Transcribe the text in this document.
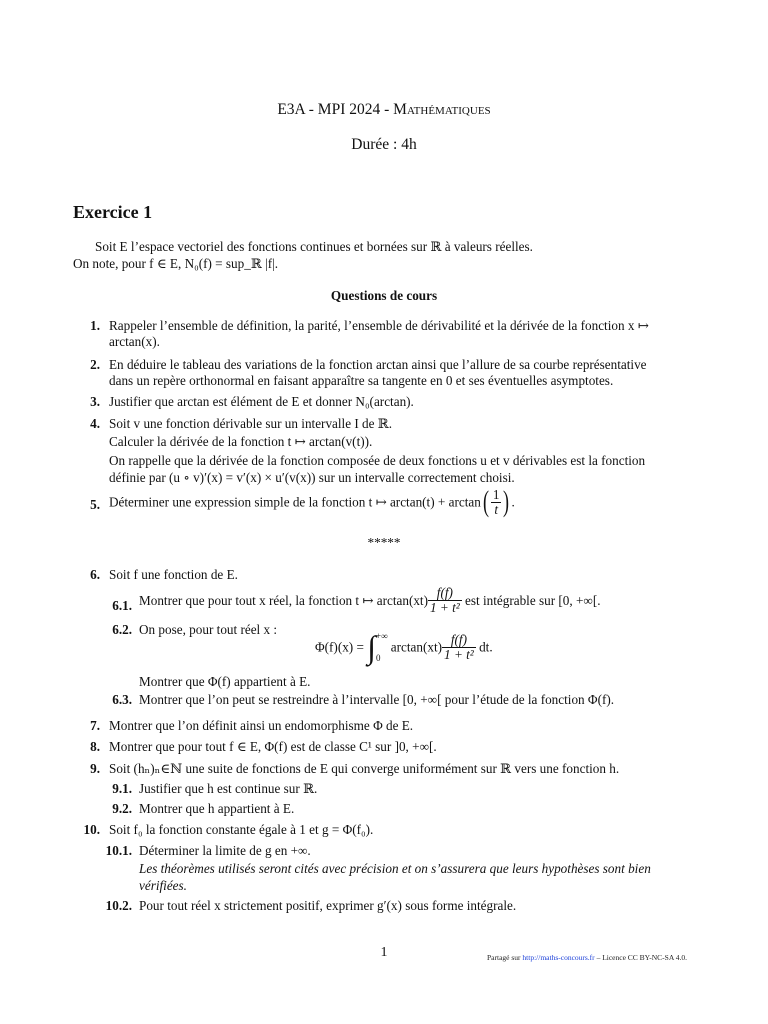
E3A - MPI 2024 - Mathématiques
Durée : 4h
Exercice 1
Soit E l’espace vectoriel des fonctions continues et bornées sur ℝ à valeurs réelles.
On note, pour f ∈ E, N₀(f) = sup_ℝ |f|.
Questions de cours
1. Rappeler l’ensemble de définition, la parité, l’ensemble de dérivabilité et la dérivée de la fonction x ↦
arctan(x).
2. En déduire le tableau des variations de la fonction arctan ainsi que l’allure de sa courbe représentative
dans un repère orthonormal en faisant apparaître sa tangente en 0 et ses éventuelles asymptotes.
3. Justifier que arctan est élément de E et donner N₀(arctan).
4. Soit v une fonction dérivable sur un intervalle I de ℝ.
Calculer la dérivée de la fonction t ↦ arctan(v(t)).
On rappelle que la dérivée de la fonction composée de deux fonctions u et v dérivables est la fonction
définie par (u ∘ v)′(x) = v′(x) × u′(v(x)) sur un intervalle correctement choisi.
5. Déterminer une expression simple de la fonction t ↦ $\arctan(t) + \arctan( \frac{1}{t}$ ) .
*****
6. Soit f une fonction de E.
6.1. Montrer que pour tout x réel, la fonction t ↦ $\arctan(xt) \frac{f(f)}{\text{1 + t²}}$ est intégrable sur [0, +∞[.
6.2. On pose, pour tout réel x :
Φ(f)(x) = ∫ +∞
0
$\arctan(xt) \frac{f(f)}{\text{1 + t²}}$ dt.
Montrer que Φ(f) appartient à E.
6.3. Montrer que l’on peut se restreindre à l’intervalle [0, +∞[ pour l’étude de la fonction Φ(f).
7. Montrer que l’on définit ainsi un endomorphisme Φ de E.
8. Montrer que pour tout f ∈ E, Φ(f) est de classe C¹ sur ]0, +∞[.
9. Soit (hₙ)ₙ∈ℕ une suite de fonctions de E qui converge uniformément sur ℝ vers une fonction h.
9.1. Justifier que h est continue sur ℝ.
9.2. Montrer que h appartient à E.
10. Soit f₀ la fonction constante égale à 1 et g = Φ(f₀).
10.1. Déterminer la limite de g en +∞.
Les théorèmes utilisés seront cités avec précision et on s’assurera que leurs hypothèses sont bien
vérifiées.
10.2. Pour tout réel x strictement positif, exprimer g′(x) sous forme intégrale.
1	Partagé sur http://maths-concours.fr – Licence CC BY-NC-SA 4.0.
